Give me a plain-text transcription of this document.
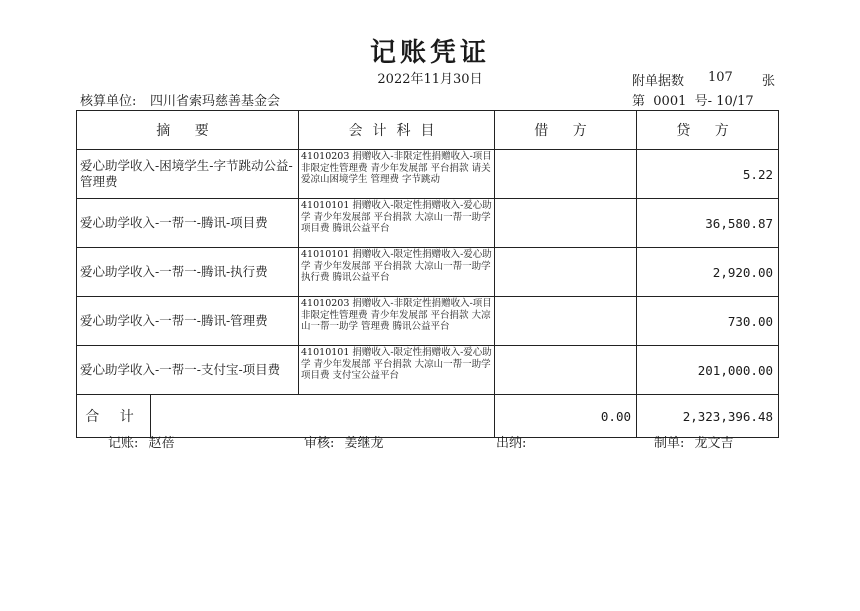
记账凭证
2022年11月30日	附单据数 107 张
核算单位: 四川省索玛慈善基金会	第 0001 号- 10/17
摘 要		会计科目	借 方	贷 方
爱心助学收入-困境学生-字节跳动公益-管理费		41010203 捐赠收入-非限定性捐赠收入-项目非限定性管理费 青少年发展部 平台捐款 请关爱凉山困境学生 管理费 字节跳动		5.22
爱心助学收入-一帮一-腾讯-项目费		41010101 捐赠收入-限定性捐赠收入-爱心助学 青少年发展部 平台捐款 大凉山一帮一助学 项目费 腾讯公益平台		36,580.87
爱心助学收入-一帮一-腾讯-执行费		41010101 捐赠收入-限定性捐赠收入-爱心助学 青少年发展部 平台捐款 大凉山一帮一助学 执行费 腾讯公益平台		2,920.00
爱心助学收入-一帮一-腾讯-管理费		41010203 捐赠收入-非限定性捐赠收入-项目非限定性管理费 青少年发展部 平台捐款 大凉山一帮一助学 管理费 腾讯公益平台		730.00
爱心助学收入-一帮一-支付宝-项目费		41010101 捐赠收入-限定性捐赠收入-爱心助学 青少年发展部 平台捐款 大凉山一帮一助学 项目费 支付宝公益平台		201,000.00
合 计			0.00	2,323,396.48
记账: 赵蓓	审核: 姜继龙	出纳:	制单: 龙文吉
